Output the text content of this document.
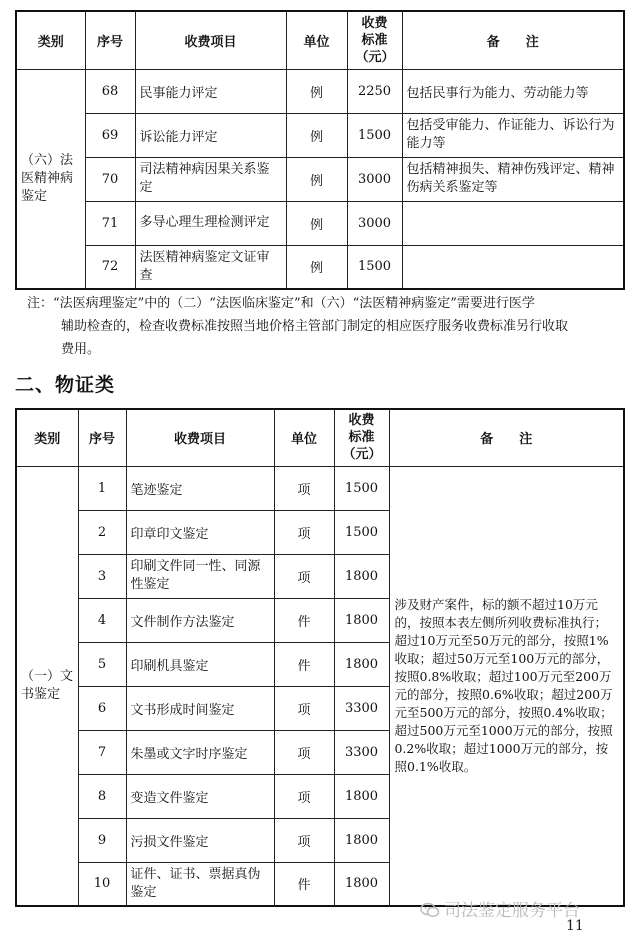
类别	序号	收费项目	单位	收费标准（元）	备　　注
（六）法医精神病鉴定	68	民事能力评定	例	2250	包括民事行为能力、劳动能力等
	69	诉讼能力评定	例	1500	包括受审能力、作证能力、诉讼行为能力等
	70	司法精神病因果关系鉴定	例	3000	包括精神损失、精神伤残评定、精神伤病关系鉴定等
	71	多导心理生理检测评定	例	3000	
	72	法医精神病鉴定文证审查	例	1500	
注：“法医病理鉴定”中的（二）“法医临床鉴定”和（六）“法医精神病鉴定”需要进行医学
辅助检查的，检查收费标准按照当地价格主管部门制定的相应医疗服务收费标准另行收取
费用。
二、物证类
类别	序号	收费项目	单位	收费标准（元）	备　　注
（一）文书鉴定	1	笔迹鉴定	项	1500	涉及财产案件，标的额不超过10万元的，按照本表左侧所列收费标准执行；超过10万元至50万元的部分，按照1%收取；超过50万元至100万元的部分，按照0.8%收取；超过100万元至200万元的部分，按照0.6%收取；超过200万元至500万元的部分，按照0.4%收取；超过500万元至1000万元的部分，按照0.2%收取；超过1000万元的部分，按照0.1%收取。
	2	印章印文鉴定	项	1500	
	3	印刷文件同一性、同源性鉴定	项	1800	
	4	文件制作方法鉴定	件	1800	
	5	印刷机具鉴定	件	1800	
	6	文书形成时间鉴定	项	3300	
	7	朱墨或文字时序鉴定	项	3300	
	8	变造文件鉴定	项	1800	
	9	污损文件鉴定	项	1800	
	10	证件、证书、票据真伪鉴定	件	1800	
司法鉴定服务平台
11
